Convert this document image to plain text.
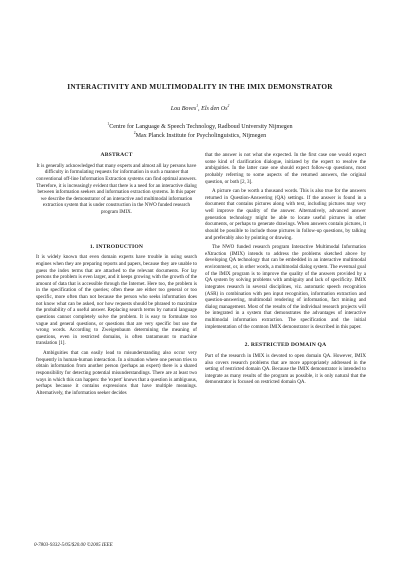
INTERACTIVITY AND MULTIMODALITY IN THE IMIX DEMONSTRATOR
Lou Boves$^1$, Els den Os$^2$
$^1$Centre for Language & Speech Technology, Radboud University Nijmegen
$^2$Max Planck Institute for Psycholinguistics, Nijmegen
ABSTRACT

It is generally acknowledged that many experts and almost all lay persons have difficulty in formulating requests for information in such a manner that conventional off-line Information Extraction systems can find optimal answers. Therefore, it is increasingly evident that there is a need for an interactive dialog between information seekers and information extraction systems. In this paper we describe the demonstrator of an interactive and multimodal information extraction system that is under construction in the NWO funded research program IMIX.

1. INTRODUCTION

It is widely known that even domain experts have trouble in using search engines when they are preparing reports and papers, because they are unable to guess the index terms that are attached to the relevant documents. For lay persons the problem is even larger, and it keeps growing with the growth of the amount of data that is accessible through the Internet. Here too, the problem is in the specification of the queries; often these are either too general or too specific, more often than not because the person who seeks information does not know what can be asked, nor how requests should be phrased to maximize the probability of a useful answer. Replacing search terms by natural language questions cannot completely solve the problem. It is easy to formulate too vague and general questions, or questions that are very specific but use the wrong words. According to Zweigenbaum determining the meaning of questions, even in restricted domains, is often tantamount to machine translation [1].

Ambiguities that can easily lead to misunderstanding also occur very frequently in human-human interaction. In a situation where one person tries to obtain information from another person (perhaps an expert) there is a shared responsibility for detecting potential misunderstandings. There are at least two ways in which this can happen: the 'expert' knows that a question is ambiguous, perhaps because it contains expressions that have multiple meanings. Alternatively, the information seeker decides

that the answer is not what she expected. In the first case one would expect some kind of clarification dialogue, initiated by the expert to resolve the ambiguities. In the latter case one should expect follow-up questions, most probably referring to some aspects of the returned answers, the original question, or both [2, 3].

A picture can be worth a thousand words. This is also true for the answers returned in Question-Answering (QA) settings. If the answer is found in a document that contains pictures along with text, including pictures may very well improve the quality of the answer. Alternatively, advanced answer generation technology might be able to locate useful pictures in other documents, or perhaps to generate drawings. When answers contain pictures, it should be possible to include those pictures in follow-up questions, by talking and preferably also by pointing or drawing.

The NWO funded research program Interactive Multimodal Information eXtraction (IMIX) intends to address the problems sketched above by developing QA technology that can be embedded in an interactive multimodal environment, or, in other words, a multimodal dialog system. The eventual goal of the IMIX program is to improve the quality of the answers provided by a QA system by solving problems with ambiguity and lack of specificity. IMIX integrates research in several disciplines, viz. automatic speech recognition (ASR) in combination with pen input recognition, information extraction and question-answering, multimodal rendering of information, fact mining and dialog management. Most of the results of the individual research projects will be integrated in a system that demonstrates the advantages of interactive multimodal information extraction. The specification and the initial implementation of the common IMIX demonstrator is described in this paper.

2. RESTRICTED DOMAIN QA

Part of the research in IMIX is devoted to open domain QA. However, IMIX also covers research problems that are more appropriately addressed in the setting of restricted domain QA. Because the IMIX demonstrator is intended to integrate as many results of the program as possible, it is only natural that the demonstrator is focused on restricted domain QA.

0-7803-9332-5/05/$20.00 ©2005 IEEE
